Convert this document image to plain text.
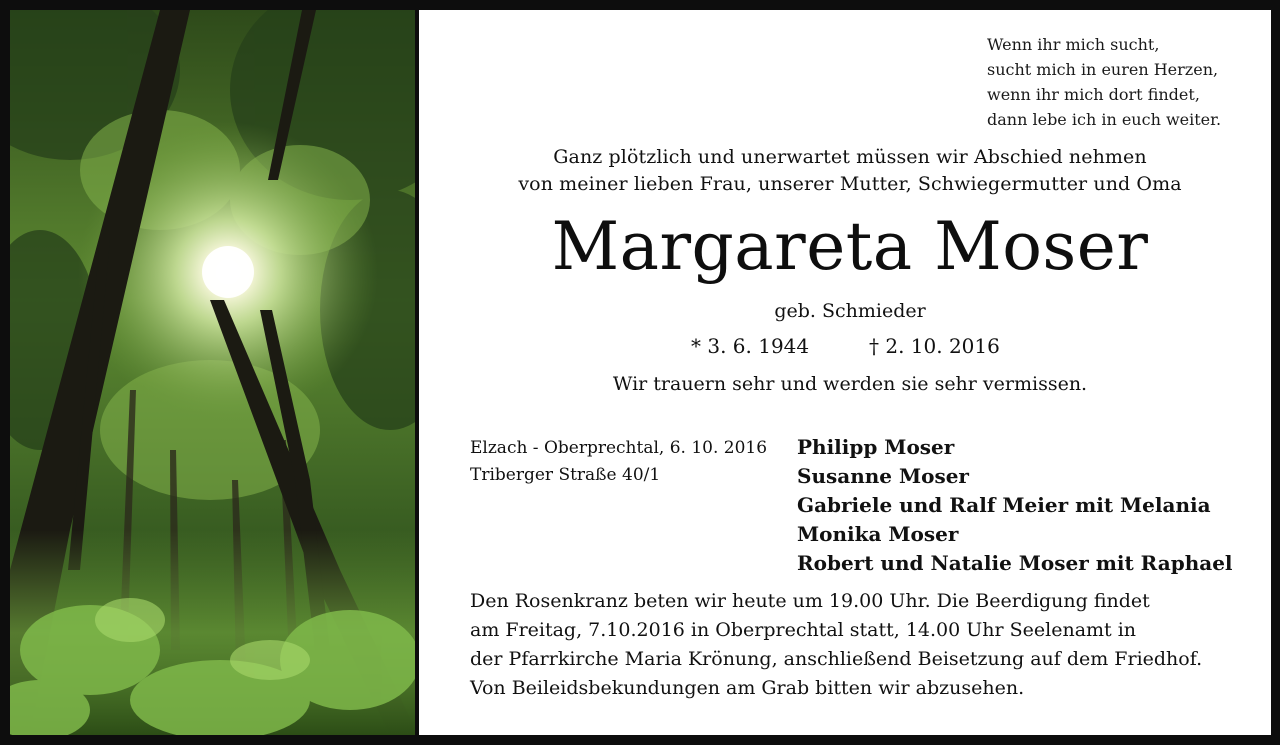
Wenn ihr mich sucht,
sucht mich in euren Herzen,
wenn ihr mich dort findet,
dann lebe ich in euch weiter.
Ganz plötzlich und unerwartet müssen wir Abschied nehmen
von meiner lieben Frau, unserer Mutter, Schwiegermutter und Oma
Margareta Moser
geb. Schmieder
* 3. 6. 1944	† 2. 10. 2016
Wir trauern sehr und werden sie sehr vermissen.
Elzach - Oberprechtal, 6. 10. 2016
Triberger Straße 40/1
Philipp Moser
Susanne Moser
Gabriele und Ralf Meier mit Melania
Monika Moser
Robert und Natalie Moser mit Raphael
Den Rosenkranz beten wir heute um 19.00 Uhr. Die Beerdigung findet
am Freitag, 7.10.2016 in Oberprechtal statt, 14.00 Uhr Seelenamt in
der Pfarrkirche Maria Krönung, anschließend Beisetzung auf dem Friedhof.
Von Beileidsbekundungen am Grab bitten wir abzusehen.
